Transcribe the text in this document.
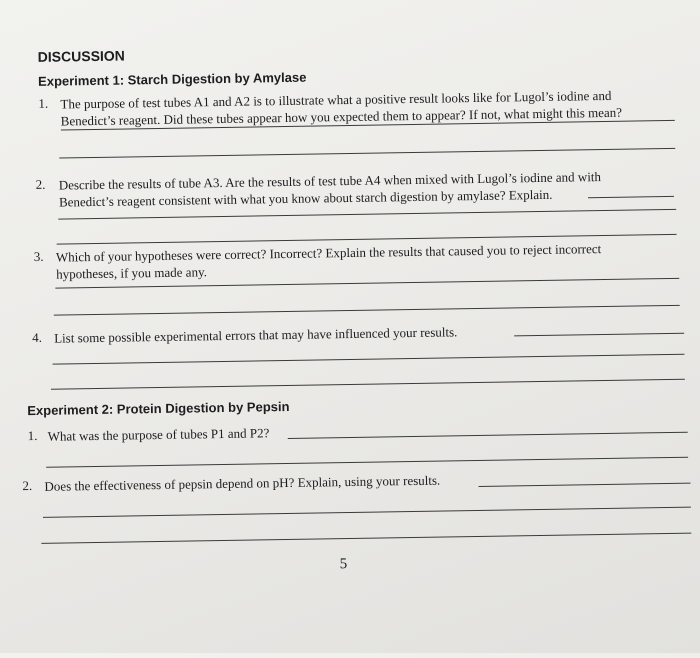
DISCUSSION
Experiment 1: Starch Digestion by Amylase
1. The purpose of test tubes A1 and A2 is to illustrate what a positive result looks like for Lugol’s iodine and
Benedict’s reagent. Did these tubes appear how you expected them to appear? If not, what might this mean?
2. Describe the results of tube A3. Are the results of test tube A4 when mixed with Lugol’s iodine and with
Benedict’s reagent consistent with what you know about starch digestion by amylase? Explain.
3. Which of your hypotheses were correct? Incorrect? Explain the results that caused you to reject incorrect
hypotheses, if you made any.
4. List some possible experimental errors that may have influenced your results.
Experiment 2: Protein Digestion by Pepsin
1. What was the purpose of tubes P1 and P2?
2. Does the effectiveness of pepsin depend on pH? Explain, using your results.
5
